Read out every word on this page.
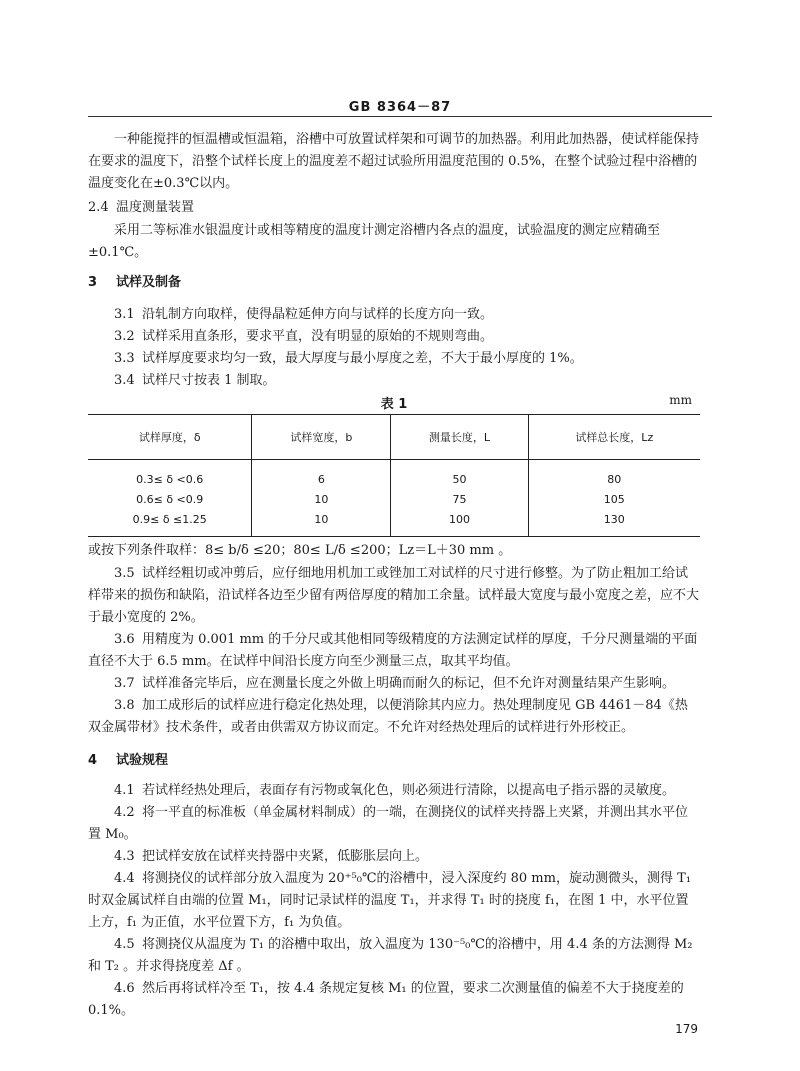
GB 8364－87
一种能搅拌的恒温槽或恒温箱，浴槽中可放置试样架和可调节的加热器。利用此加热器，使试样能保持在要求的温度下，沿整个试样长度上的温度差不超过试验所用温度范围的 0.5%，在整个试验过程中浴槽的温度变化在±0.3℃以内。
2.4 温度测量装置
采用二等标准水银温度计或相等精度的温度计测定浴槽内各点的温度，试验温度的测定应精确至±0.1℃。
3 试样及制备
3.1 沿轧制方向取样，使得晶粒延伸方向与试样的长度方向一致。
3.2 试样采用直条形，要求平直，没有明显的原始的不规则弯曲。
3.3 试样厚度要求均匀一致，最大厚度与最小厚度之差，不大于最小厚度的 1%。
3.4 试样尺寸按表 1 制取。
表 1	mm
试样厚度，δ	试样宽度，b	测量长度，L	试样总长度，Lz
0.3≤ δ <0.6	6	50	80
0.6≤ δ <0.9	10	75	105
0.9≤ δ ≤1.25	10	100	130
或按下列条件取样：8≤ b/δ ≤20；80≤ L/δ ≤200；Lz＝L＋30 mm 。
3.5 试样经粗切或冲剪后，应仔细地用机加工或锉加工对试样的尺寸进行修整。为了防止粗加工给试样带来的损伤和缺陷，沿试样各边至少留有两倍厚度的精加工余量。试样最大宽度与最小宽度之差，应不大于最小宽度的 2%。
3.6 用精度为 0.001 mm 的千分尺或其他相同等级精度的方法测定试样的厚度，千分尺测量端的平面直径不大于 6.5 mm。在试样中间沿长度方向至少测量三点，取其平均值。
3.7 试样准备完毕后，应在测量长度之外做上明确而耐久的标记，但不允许对测量结果产生影响。
3.8 加工成形后的试样应进行稳定化热处理，以便消除其内应力。热处理制度见 GB 4461－84《热双金属带材》技术条件，或者由供需双方协议而定。不允许对经热处理后的试样进行外形校正。
4 试验规程
4.1 若试样经热处理后，表面存有污物或氧化色，则必须进行清除，以提高电子指示器的灵敏度。
4.2 将一平直的标准板（单金属材料制成）的一端，在测挠仪的试样夹持器上夹紧，并测出其水平位置 M₀。
4.3 把试样安放在试样夹持器中夹紧，低膨胀层向上。
4.4 将测挠仪的试样部分放入温度为 20⁺⁵₀℃的浴槽中，浸入深度约 80 mm，旋动测微头，测得 T₁ 时双金属试样自由端的位置 M₁，同时记录试样的温度 T₁，并求得 T₁ 时的挠度 f₁，在图 1 中，水平位置上方，f₁ 为正值，水平位置下方，f₁ 为负值。
4.5 将测挠仪从温度为 T₁ 的浴槽中取出，放入温度为 130⁻⁵₀℃的浴槽中，用 4.4 条的方法测得 M₂ 和 T₂ 。并求得挠度差 Δf 。
4.6 然后再将试样冷至 T₁，按 4.4 条规定复核 M₁ 的位置，要求二次测量值的偏差不大于挠度差的 0.1%。
179
